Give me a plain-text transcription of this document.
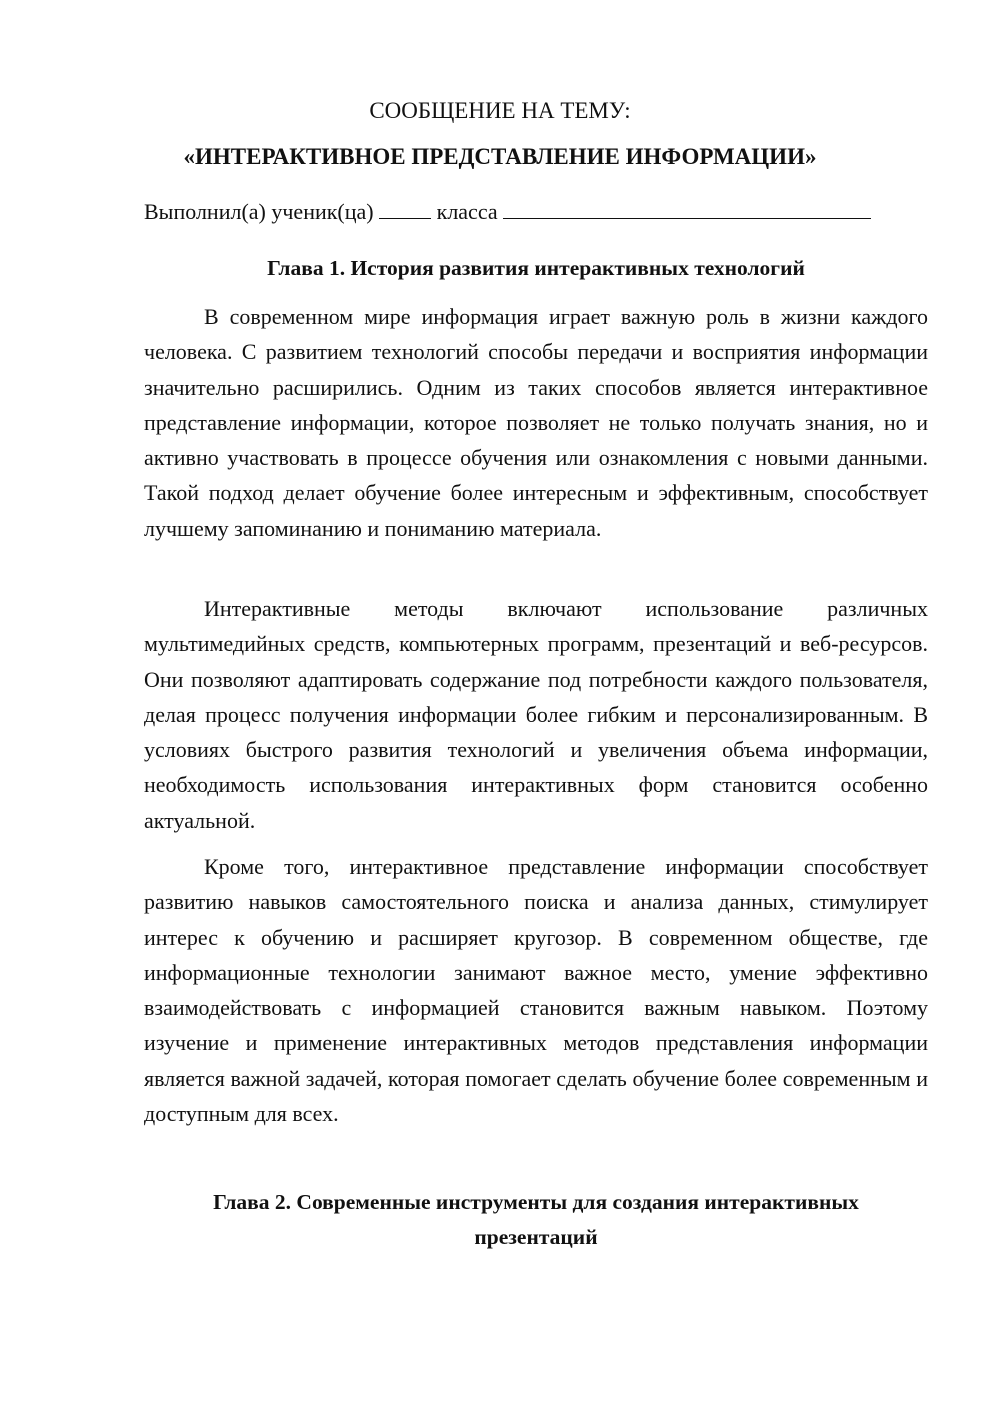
СООБЩЕНИЕ НА ТЕМУ:
«ИНТЕРАКТИВНОЕ ПРЕДСТАВЛЕНИЕ ИНФОРМАЦИИ»
Выполнил(а) ученик(ца)	класса
Глава 1. История развития интерактивных технологий

В современном мире информация играет важную роль в жизни каждого человека. С развитием технологий способы передачи и восприятия информации значительно расширились. Одним из таких способов является интерактивное представление информации, которое позволяет не только получать знания, но и активно участвовать в процессе обучения или ознакомления с новыми данными. Такой подход делает обучение более интересным и эффективным, способствует лучшему запоминанию и пониманию материала.

Интерактивные методы включают использование различных мультимедийных средств, компьютерных программ, презентаций и веб-ресурсов. Они позволяют адаптировать содержание под потребности каждого пользователя, делая процесс получения информации более гибким и персонализированным. В условиях быстрого развития технологий и увеличения объема информации, необходимость использования интерактивных форм становится особенно актуальной.

Кроме того, интерактивное представление информации способствует развитию навыков самостоятельного поиска и анализа данных, стимулирует интерес к обучению и расширяет кругозор. В современном обществе, где информационные технологии занимают важное место, умение эффективно взаимодействовать с информацией становится важным навыком. Поэтому изучение и применение интерактивных методов представления информации является важной задачей, которая помогает сделать обучение более современным и доступным для всех.

Глава 2. Современные инструменты для создания интерактивных
презентаций
